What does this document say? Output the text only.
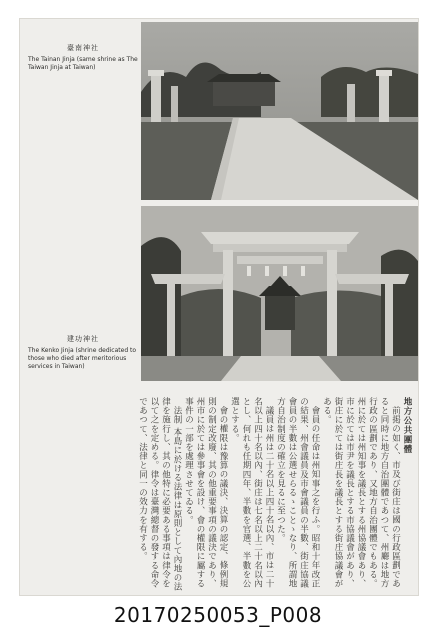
臺南神社
The Tainan Jinja (same shrine as The Taiwan Jinja at Taiwan)
建功神社
The Kenko Jinja (shrine dedicated to those who died after meritorious services in Taiwan)
地方公共團體

前掲の如く、市及び街庄は國の行政區劃であると同時に地方自治團體であつて、州廳は地方行政の區劃であり、又地方自治團體でもある。州に於ては州知事を議長とする州協議會あり、市に於ては市尹を議長とする市協議會があり、街庄に於ては街庄長を議長とする街庄協議會がある。

會員の任命は州知事之を行ふ。昭和十年改正の結果、州會議員及市會議員の半數、街庄協議會員の半數は公選せらるゝことゝなり、所謂地方自治制度の確立を見るに至つた。

議員は州は二十名以上四十名以內、市は二十名以上四十名以內、街庄は七名以上二十名以內とし、何れも任期四年、半數を官選、半數を公選とする。

會の權限は豫算の議決、決算の認定、條例規則の制定改廢、其の他重要事項の議決であり、州市に於ては參事會を設け、會の權限に屬する事件の一部を處理させてゐる。

法制 本島に於ける法律は原則として內地の法律を施行し、其の他特に必要ある事項は律令を以て之を定める。律令は臺灣總督の發する命令であつて、法律と同一の效力を有する。

20170250053_P008
